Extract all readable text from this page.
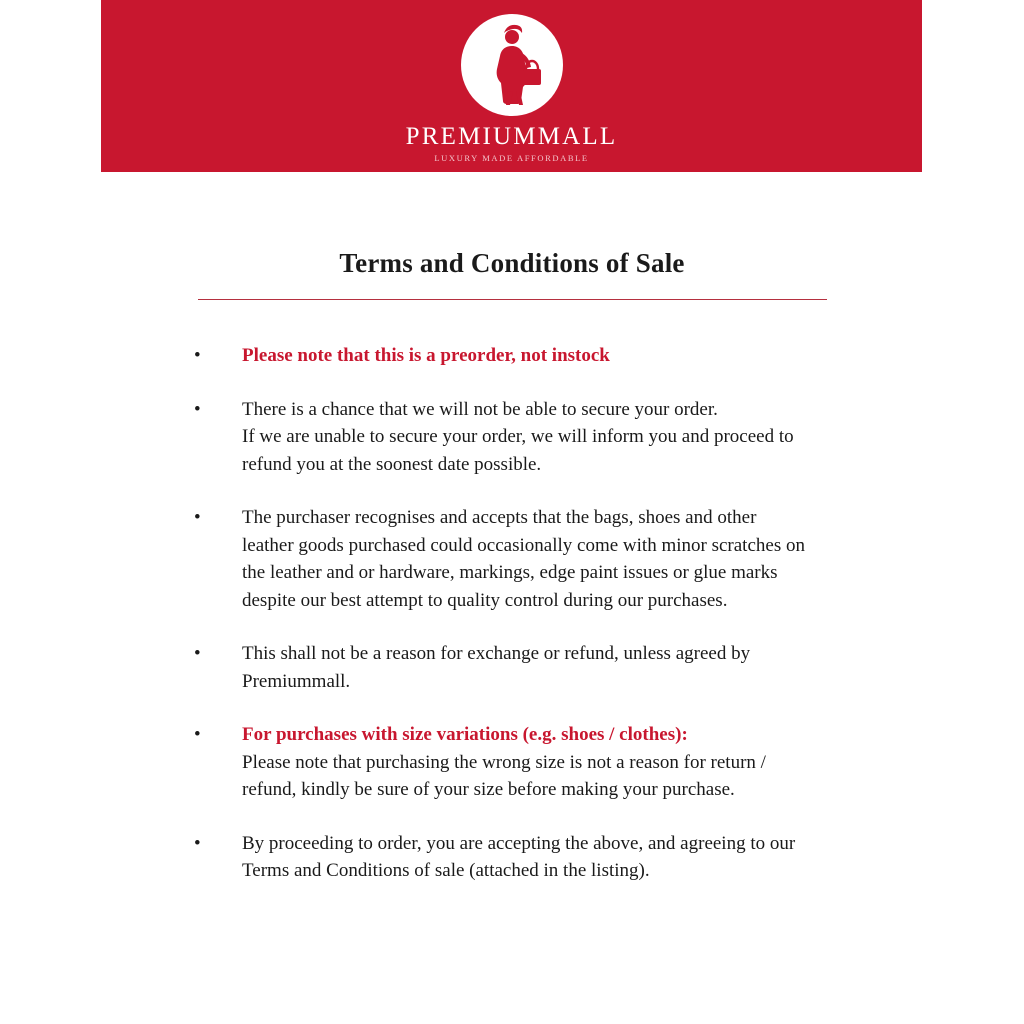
PREMIUMMALL
LUXURY MADE AFFORDABLE
Terms and Conditions of Sale
•	Please note that this is a preorder, not instock

•	There is a chance that we will not be able to secure your order.

If we are unable to secure your order, we will inform you and proceed to

refund you at the soonest date possible.

•	The purchaser recognises and accepts that the bags, shoes and other

leather goods purchased could occasionally come with minor scratches on

the leather and or hardware, markings, edge paint issues or glue marks

despite our best attempt to quality control during our purchases.

•	This shall not be a reason for exchange or refund, unless agreed by

Premiummall.

•	For purchases with size variations (e.g. shoes / clothes):

Please note that purchasing the wrong size is not a reason for return /

refund, kindly be sure of your size before making your purchase.

•	By proceeding to order, you are accepting the above, and agreeing to our

Terms and Conditions of sale (attached in the listing).
